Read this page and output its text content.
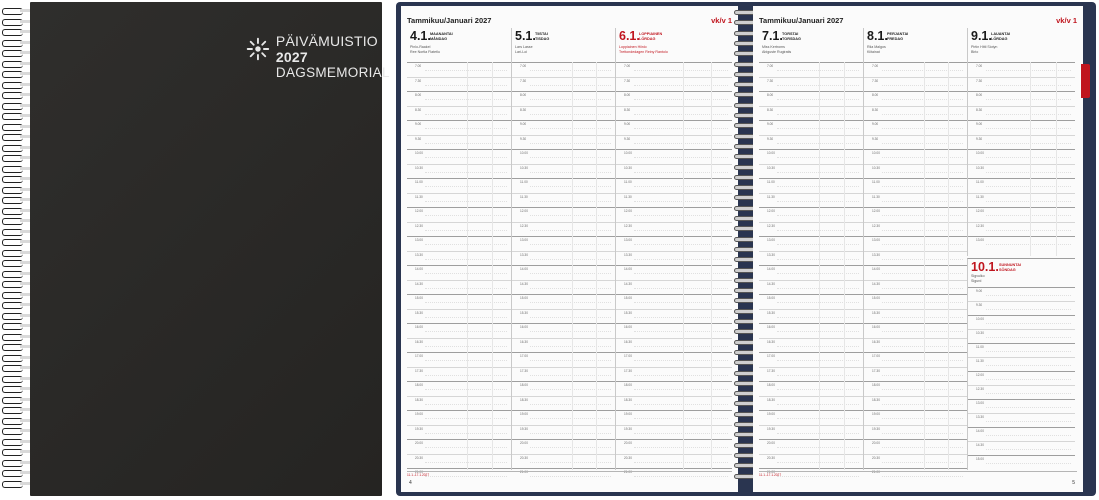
PÄIVÄMUISTIO 2027
DAGSMEMORIAL
Tammikuu/Januari 2027	vk/v 1
4.1. MAANANTAI
MÅNDAG
Pinlo-Raakel
Ree Nortla Flatetlu
7.00
7.30
8.00
8.30
9.00
9.30
10.00
10.30
11.00
11.30
12.00
12.30
13.00
13.30
14.00
14.30
15.00
15.30
16.00
16.30
17.00
17.30
18.00
18.30
19.00
19.30
20.00
20.30
21.00
5.1. TIISTAI
TISDAG
Lars Lasse
Lari-Loi
7.00
7.30
8.00
8.30
9.00
9.30
10.00
10.30
11.00
11.30
12.00
12.30
13.00
13.30
14.00
14.30
15.00
15.30
16.00
16.30
17.00
17.30
18.00
18.30
19.00
19.30
20.00
20.30
21.00
6.1. LOPPIAINEN
LÖRDAG
Loppiainen Hiinlo
Trettondedagen Reiny Rantolo
7.00
7.30
8.00
8.30
9.00
9.30
10.00
10.30
11.00
11.30
12.00
12.30
13.00
13.30
14.00
14.30
15.00
15.30
16.00
16.30
17.00
17.30
18.00
18.30
19.00
19.30
20.00
20.30
21.00
11.1.-17.1.2027
4
Tammikuu/Januari 2027	vk/v 1
7.1. TORSTAI
TORSDAG
Miss Kertroms
Abiguste Rugiratis
7.00
7.30
8.00
8.30
9.00
9.30
10.00
10.30
11.00
11.30
12.00
12.30
13.00
13.30
14.00
14.30
15.00
15.30
16.00
16.30
17.00
17.30
18.00
18.30
19.00
19.30
20.00
20.30
21.00
8.1. PERJANTAI
FREDAG
Riia Malgos
Kiitainat
7.00
7.30
8.00
8.30
9.00
9.30
10.00
10.30
11.00
11.30
12.00
12.30
13.00
13.30
14.00
14.30
15.00
15.30
16.00
16.30
17.00
17.30
18.00
18.30
19.00
19.30
20.00
20.30
21.00
9.1. LAUANTAI
LÖRDAG
Pirtin Hitti Siotyn
Birio
7.00
7.30
8.00
8.30
9.00
9.30
10.00
10.30
11.00
11.30
12.00
12.30
13.00
10.1. SUNNUNTAI
SÖNDAG
Sigvulko
Sigurd
9.00
9.30
10.00
10.30
11.00
11.30
12.00
12.30
13.00
13.30
14.00
14.30
15.00
11.1.-17.1.2027
5
